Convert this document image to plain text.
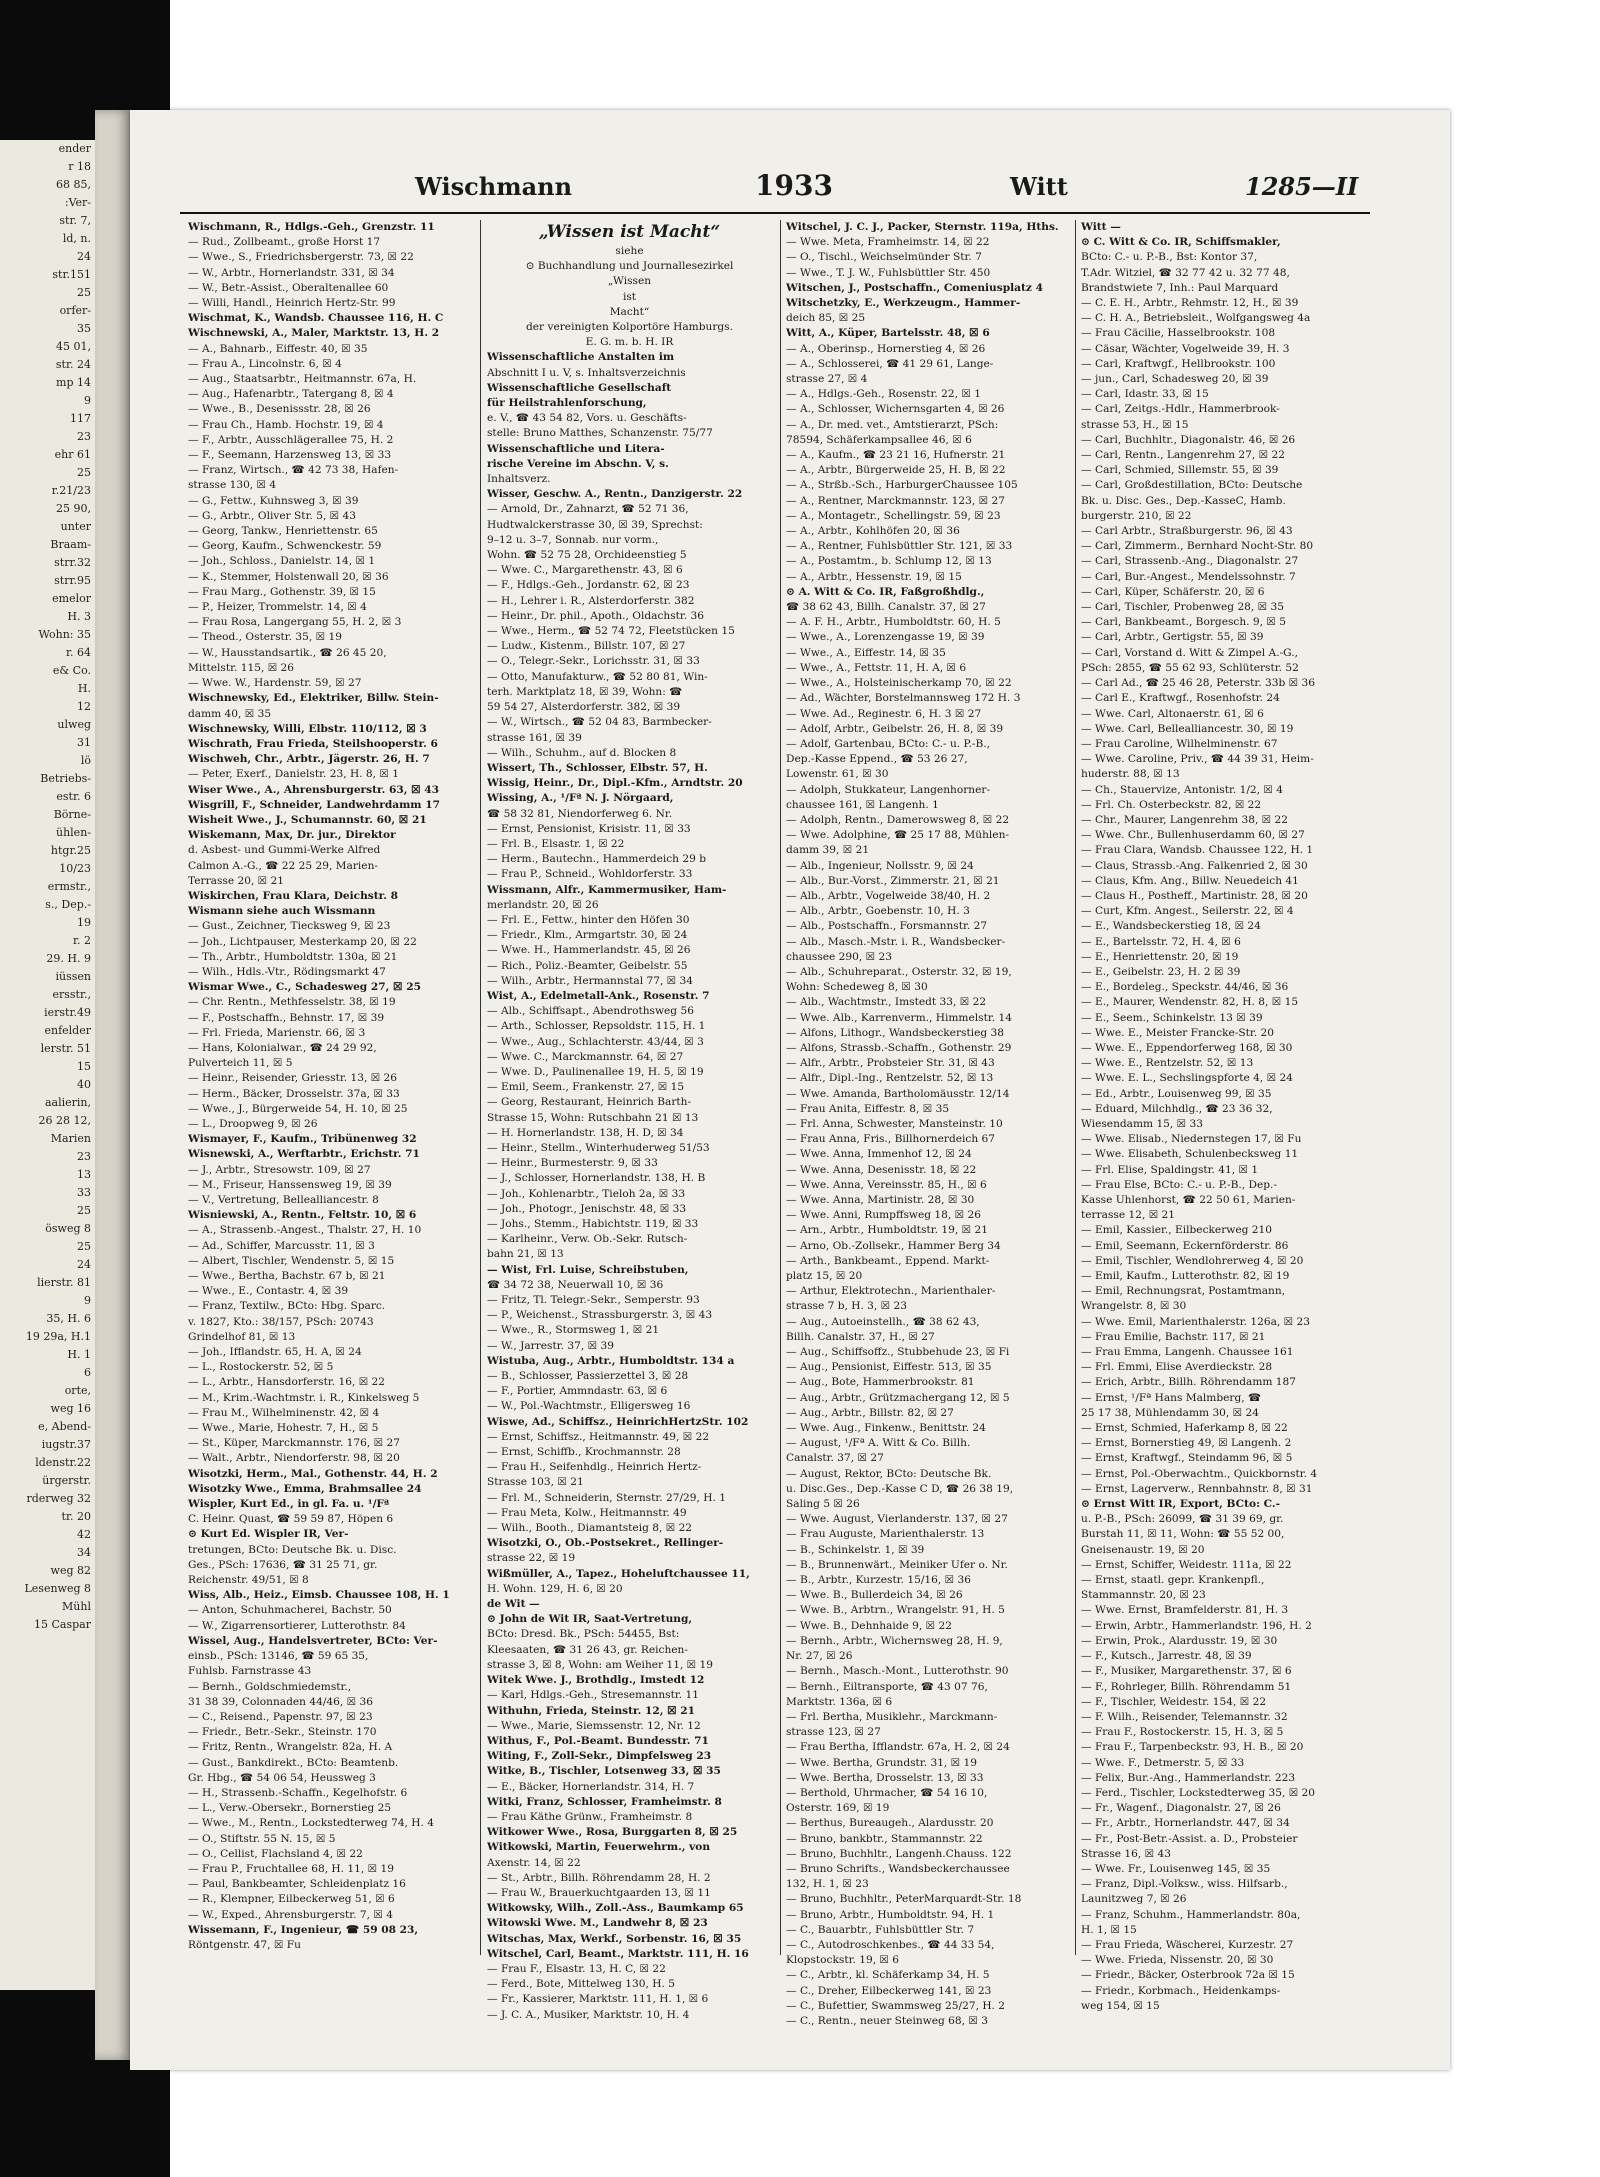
ender
r 18
68 85,
:Ver-
str. 7,
ld, n.
24
str.151
25
orfer-
35
45 01,
str. 24
mp 14
9
117
23
ehr 61
25
r.21/23
25 90,
unter
Braam-
strr.32
strr.95
emelor
H. 3
Wohn: 35
r. 64
e& Co.
H.
12
ulweg
31
lö
Betriebs-
estr. 6
Börne-
ühlen-
htgr.25
10/23
ermstr.,
s., Dep.-
19
r. 2
29. H. 9
iüssen
ersstr.,
ierstr.49
enfelder
lerstr. 51
15
40
aalierin,
26 28 12,
Marien
23
13
33
25
ösweg 8
25
24
lierstr. 81
9
35, H. 6
19 29a, H.1
H. 1
6
orte,
weg 16
e, Abend-
iugstr.37
ldenstr.22
ürgerstr.
rderweg 32
tr. 20
42
34
weg 82
Lesenweg 8
Mühl
15 Caspar
Wischmann	1933	Witt	1285—II
Wischmann, R., Hdlgs.-Geh., Grenzstr. 11
— Rud., Zollbeamt., große Horst 17
— Wwe., S., Friedrichsbergerstr. 73, ☒ 22
— W., Arbtr., Hornerlandstr. 331, ☒ 34
— W., Betr.-Assist., Oberaltenallee 60
— Willi, Handl., Heinrich Hertz-Str. 99
Wischmat, K., Wandsb. Chaussee 116, H. C
Wischnewski, A., Maler, Marktstr. 13, H. 2
— A., Bahnarb., Eiffestr. 40, ☒ 35
— Frau A., Lincolnstr. 6, ☒ 4
— Aug., Staatsarbtr., Heitmannstr. 67a, H.
— Aug., Hafenarbtr., Tatergang 8, ☒ 4
— Wwe., B., Desenissstr. 28, ☒ 26
— Frau Ch., Hamb. Hochstr. 19, ☒ 4
— F., Arbtr., Ausschlägerallee 75, H. 2
— F., Seemann, Harzensweg 13, ☒ 33
— Franz, Wirtsch., ☎ 42 73 38, Hafen-
strasse 130, ☒ 4
— G., Fettw., Kuhnsweg 3, ☒ 39
— G., Arbtr., Oliver Str. 5, ☒ 43
— Georg, Tankw., Henriettenstr. 65
— Georg, Kaufm., Schwenckestr. 59
— Joh., Schloss., Danielstr. 14, ☒ 1
— K., Stemmer, Holstenwall 20, ☒ 36
— Frau Marg., Gothenstr. 39, ☒ 15
— P., Heizer, Trommelstr. 14, ☒ 4
— Frau Rosa, Langergang 55, H. 2, ☒ 3
— Theod., Osterstr. 35, ☒ 19
— W., Hausstandsartik., ☎ 26 45 20,
Mittelstr. 115, ☒ 26
— Wwe. W., Hardenstr. 59, ☒ 27
Wischnewsky, Ed., Elektriker, Billw. Stein-
damm 40, ☒ 35
Wischnewsky, Willi, Elbstr. 110/112, ☒ 3
Wischrath, Frau Frieda, Steilshooperstr. 6
Wischweh, Chr., Arbtr., Jägerstr. 26, H. 7
— Peter, Exerf., Danielstr. 23, H. 8, ☒ 1
Wiser Wwe., A., Ahrensburgerstr. 63, ☒ 43
Wisgrill, F., Schneider, Landwehrdamm 17
Wisheit Wwe., J., Schumannstr. 60, ☒ 21
Wiskemann, Max, Dr. jur., Direktor
d. Asbest- und Gummi-Werke Alfred
Calmon A.-G., ☎ 22 25 29, Marien-
Terrasse 20, ☒ 21
Wiskirchen, Frau Klara, Deichstr. 8
Wismann siehe auch Wissmann
— Gust., Zeichner, Tiecksweg 9, ☒ 23
— Joh., Lichtpauser, Mesterkamp 20, ☒ 22
— Th., Arbtr., Humboldtstr. 130a, ☒ 21
— Wilh., Hdls.-Vtr., Rödingsmarkt 47
Wismar Wwe., C., Schadesweg 27, ☒ 25
— Chr. Rentn., Methfesselstr. 38, ☒ 19
— F., Postschaffn., Behnstr. 17, ☒ 39
— Frl. Frieda, Marienstr. 66, ☒ 3
— Hans, Kolonialwar., ☎ 24 29 92,
Pulverteich 11, ☒ 5
— Heinr., Reisender, Griesstr. 13, ☒ 26
— Herm., Bäcker, Drosselstr. 37a, ☒ 33
— Wwe., J., Bürgerweide 54, H. 10, ☒ 25
— L., Droopweg 9, ☒ 26
Wismayer, F., Kaufm., Tribünenweg 32
Wisnewski, A., Werftarbtr., Erichstr. 71
— J., Arbtr., Stresowstr. 109, ☒ 27
— M., Friseur, Hanssensweg 19, ☒ 39
— V., Vertretung, Bellealliancestr. 8
Wisniewski, A., Rentn., Feltstr. 10, ☒ 6
— A., Strassenb.-Angest., Thalstr. 27, H. 10
— Ad., Schiffer, Marcusstr. 11, ☒ 3
— Albert, Tischler, Wendenstr. 5, ☒ 15
— Wwe., Bertha, Bachstr. 67 b, ☒ 21
— Wwe., E., Contastr. 4, ☒ 39
— Franz, Textilw., BCto: Hbg. Sparc.
v. 1827, Kto.: 38/157, PSch: 20743
Grindelhof 81, ☒ 13
— Joh., Ifflandstr. 65, H. A, ☒ 24
— L., Rostockerstr. 52, ☒ 5
— L., Arbtr., Hansdorferstr. 16, ☒ 22
— M., Krim.-Wachtmstr. i. R., Kinkelsweg 5
— Frau M., Wilhelminenstr. 42, ☒ 4
— Wwe., Marie, Hohestr. 7, H., ☒ 5
— St., Küper, Marckmannstr. 176, ☒ 27
— Walt., Arbtr., Niendorferstr. 98, ☒ 20
Wisotzki, Herm., Mal., Gothenstr. 44, H. 2
Wisotzky Wwe., Emma, Brahmsallee 24
Wispler, Kurt Ed., in gl. Fa. u. ¹/Fª
C. Heinr. Quast, ☎ 59 59 87, Höpen 6
⊙ Kurt Ed. Wispler IR, Ver-
tretungen, BCto: Deutsche Bk. u. Disc.
Ges., PSch: 17636, ☎ 31 25 71, gr.
Reichenstr. 49/51, ☒ 8
Wiss, Alb., Heiz., Eimsb. Chaussee 108, H. 1
— Anton, Schuhmacherei, Bachstr. 50
— W., Zigarrensortierer, Lutterothstr. 84
Wissel, Aug., Handelsvertreter, BCto: Ver-
einsb., PSch: 13146, ☎ 59 65 35,
Fuhlsb. Farnstrasse 43
— Bernh., Goldschmiedemstr.,
31 38 39, Colonnaden 44/46, ☒ 36
— C., Reisend., Papenstr. 97, ☒ 23
— Friedr., Betr.-Sekr., Steinstr. 170
— Fritz, Rentn., Wrangelstr. 82a, H. A
— Gust., Bankdirekt., BCto: Beamtenb.
Gr. Hbg., ☎ 54 06 54, Heussweg 3
— H., Strassenb.-Schaffn., Kegelhofstr. 6
— L., Verw.-Obersekr., Bornerstieg 25
— Wwe., M., Rentn., Lockstedterweg 74, H. 4
— O., Stiftstr. 55 N. 15, ☒ 5
— O., Cellist, Flachsland 4, ☒ 22
— Frau P., Fruchtallee 68, H. 11, ☒ 19
— Paul, Bankbeamter, Schleidenplatz 16
— R., Klempner, Eilbeckerweg 51, ☒ 6
— W., Exped., Ahrensburgerstr. 7, ☒ 4
Wissemann, F., Ingenieur, ☎ 59 08 23,
Röntgenstr. 47, ☒ Fu
„Wissen ist Macht“
siehe
⊙ Buchhandlung und Journallesezirkel
„Wissen
ist
Macht“
der vereinigten Kolportöre Hamburgs.
E. G. m. b. H. IR
Wissenschaftliche Anstalten im
Abschnitt I u. V, s. Inhaltsverzeichnis
Wissenschaftliche Gesellschaft
für Heilstrahlenforschung,
e. V., ☎ 43 54 82, Vors. u. Geschäfts-
stelle: Bruno Matthes, Schanzenstr. 75/77
Wissenschaftliche und Litera-
rische Vereine im Abschn. V, s.
Inhaltsverz.
Wisser, Geschw. A., Rentn., Danzigerstr. 22
— Arnold, Dr., Zahnarzt, ☎ 52 71 36,
Hudtwalckerstrasse 30, ☒ 39, Sprechst:
9–12 u. 3–7, Sonnab. nur vorm.,
Wohn. ☎ 52 75 28, Orchideenstieg 5
— Wwe. C., Margarethenstr. 43, ☒ 6
— F., Hdlgs.-Geh., Jordanstr. 62, ☒ 23
— H., Lehrer i. R., Alsterdorferstr. 382
— Heinr., Dr. phil., Apoth., Oldachstr. 36
— Wwe., Herm., ☎ 52 74 72, Fleetstücken 15
— Ludw., Kistenm., Billstr. 107, ☒ 27
— O., Telegr.-Sekr., Lorichsstr. 31, ☒ 33
— Otto, Manufakturw., ☎ 52 80 81, Win-
terh. Marktplatz 18, ☒ 39, Wohn: ☎
59 54 27, Alsterdorferstr. 382, ☒ 39
— W., Wirtsch., ☎ 52 04 83, Barmbecker-
strasse 161, ☒ 39
— Wilh., Schuhm., auf d. Blocken 8
Wissert, Th., Schlosser, Elbstr. 57, H.
Wissig, Heinr., Dr., Dipl.-Kfm., Arndtstr. 20
Wissing, A., ¹/Fª N. J. Nörgaard,
☎ 58 32 81, Niendorferweg 6. Nr.
— Ernst, Pensionist, Krisistr. 11, ☒ 33
— Frl. B., Elsastr. 1, ☒ 22
— Herm., Bautechn., Hammerdeich 29 b
— Frau P., Schneid., Wohldorferstr. 33
Wissmann, Alfr., Kammermusiker, Ham-
merlandstr. 20, ☒ 26
— Frl. E., Fettw., hinter den Höfen 30
— Friedr., Klm., Armgartstr. 30, ☒ 24
— Wwe. H., Hammerlandstr. 45, ☒ 26
— Rich., Poliz.-Beamter, Geibelstr. 55
— Wilh., Arbtr., Hermannstal 77, ☒ 34
Wist, A., Edelmetall-Ank., Rosenstr. 7
— Alb., Schiffsapt., Abendrothsweg 56
— Arth., Schlosser, Repsoldstr. 115, H. 1
— Wwe., Aug., Schlachterstr. 43/44, ☒ 3
— Wwe. C., Marckmannstr. 64, ☒ 27
— Wwe. D., Paulinenallee 19, H. 5, ☒ 19
— Emil, Seem., Frankenstr. 27, ☒ 15
— Georg, Restaurant, Heinrich Barth-
Strasse 15, Wohn: Rutschbahn 21 ☒ 13
— H. Hornerlandstr. 138, H. D, ☒ 34
— Heinr., Stellm., Winterhuderweg 51/53
— Heinr., Burmesterstr. 9, ☒ 33
— J., Schlosser, Hornerlandstr. 138, H. B
— Joh., Kohlenarbtr., Tieloh 2a, ☒ 33
— Joh., Photogr., Jenischstr. 48, ☒ 33
— Johs., Stemm., Habichtstr. 119, ☒ 33
— Karlheinr., Verw. Ob.-Sekr. Rutsch-
bahn 21, ☒ 13
— Wist, Frl. Luise, Schreibstuben,
☎ 34 72 38, Neuerwall 10, ☒ 36
— Fritz, Tl. Telegr.-Sekr., Semperstr. 93
— P., Weichenst., Strassburgerstr. 3, ☒ 43
— Wwe., R., Stormsweg 1, ☒ 21
— W., Jarrestr. 37, ☒ 39
Wistuba, Aug., Arbtr., Humboldtstr. 134 a
— B., Schlosser, Passierzettel 3, ☒ 28
— F., Portier, Ammndastr. 63, ☒ 6
— W., Pol.-Wachtmstr., Elligersweg 16
Wiswe, Ad., Schiffsz., HeinrichHertzStr. 102
— Ernst, Schiffsz., Heitmannstr. 49, ☒ 22
— Ernst, Schiffb., Krochmannstr. 28
— Frau H., Seifenhdlg., Heinrich Hertz-
Strasse 103, ☒ 21
— Frl. M., Schneiderin, Sternstr. 27/29, H. 1
— Frau Meta, Kolw., Heitmannstr. 49
— Wilh., Booth., Diamantsteig 8, ☒ 22
Wisotzki, O., Ob.-Postsekret., Rellinger-
strasse 22, ☒ 19
Wißmüller, A., Tapez., Hoheluftchaussee 11,
H. Wohn. 129, H. 6, ☒ 20
de Wit —
⊙ John de Wit IR, Saat-Vertretung,
BCto: Dresd. Bk., PSch: 54455, Bst:
Kleesaaten, ☎ 31 26 43, gr. Reichen-
strasse 3, ☒ 8, Wohn: am Weiher 11, ☒ 19
Witek Wwe. J., Brothdlg., Imstedt 12
— Karl, Hdlgs.-Geh., Stresemannstr. 11
Withuhn, Frieda, Steinstr. 12, ☒ 21
— Wwe., Marie, Siemssenstr. 12, Nr. 12
Withus, F., Pol.-Beamt. Bundesstr. 71
Witing, F., Zoll-Sekr., Dimpfelsweg 23
Witke, B., Tischler, Lotsenweg 33, ☒ 35
— E., Bäcker, Hornerlandstr. 314, H. 7
Witki, Franz, Schlosser, Framheimstr. 8
— Frau Käthe Grünw., Framheimstr. 8
Witkower Wwe., Rosa, Burggarten 8, ☒ 25
Witkowski, Martin, Feuerwehrm., von
Axenstr. 14, ☒ 22
— St., Arbtr., Billh. Röhrendamm 28, H. 2
— Frau W., Brauerkuchtgaarden 13, ☒ 11
Witkowsky, Wilh., Zoll.-Ass., Baumkamp 65
Witowski Wwe. M., Landwehr 8, ☒ 23
Witschas, Max, Werkf., Sorbenstr. 16, ☒ 35
Witschel, Carl, Beamt., Marktstr. 111, H. 16
— Frau F., Elsastr. 13, H. C, ☒ 22
— Ferd., Bote, Mittelweg 130, H. 5
— Fr., Kassierer, Marktstr. 111, H. 1, ☒ 6
— J. C. A., Musiker, Marktstr. 10, H. 4
Witschel, J. C. J., Packer, Sternstr. 119a, Hths.
— Wwe. Meta, Framheimstr. 14, ☒ 22
— O., Tischl., Weichselmünder Str. 7
— Wwe., T. J. W., Fuhlsbüttler Str. 450
Witschen, J., Postschaffn., Comeniusplatz 4
Witschetzky, E., Werkzeugm., Hammer-
deich 85, ☒ 25
Witt, A., Küper, Bartelsstr. 48, ☒ 6
— A., Oberinsp., Hornerstieg 4, ☒ 26
— A., Schlosserei, ☎ 41 29 61, Lange-
strasse 27, ☒ 4
— A., Hdlgs.-Geh., Rosenstr. 22, ☒ 1
— A., Schlosser, Wichernsgarten 4, ☒ 26
— A., Dr. med. vet., Amtstierarzt, PSch:
78594, Schäferkampsallee 46, ☒ 6
— A., Kaufm., ☎ 23 21 16, Hufnerstr. 21
— A., Arbtr., Bürgerweide 25, H. B, ☒ 22
— A., Strßb.-Sch., HarburgerChaussee 105
— A., Rentner, Marckmannstr. 123, ☒ 27
— A., Montagetr., Schellingstr. 59, ☒ 23
— A., Arbtr., Kohlhöfen 20, ☒ 36
— A., Rentner, Fuhlsbüttler Str. 121, ☒ 33
— A., Postamtm., b. Schlump 12, ☒ 13
— A., Arbtr., Hessenstr. 19, ☒ 15
⊙ A. Witt & Co. IR, Faßgroßhdlg.,
☎ 38 62 43, Billh. Canalstr. 37, ☒ 27
— A. F. H., Arbtr., Humboldtstr. 60, H. 5
— Wwe., A., Lorenzengasse 19, ☒ 39
— Wwe., A., Eiffestr. 14, ☒ 35
— Wwe., A., Fettstr. 11, H. A, ☒ 6
— Wwe., A., Holsteinischerkamp 70, ☒ 22
— Ad., Wächter, Borstelmannsweg 172 H. 3
— Wwe. Ad., Reginestr. 6, H. 3 ☒ 27
— Adolf, Arbtr., Geibelstr. 26, H. 8, ☒ 39
— Adolf, Gartenbau, BCto: C.- u. P.-B.,
Dep.-Kasse Eppend., ☎ 53 26 27,
Lowenstr. 61, ☒ 30
— Adolph, Stukkateur, Langenhorner-
chaussee 161, ☒ Langenh. 1
— Adolph, Rentn., Damerowsweg 8, ☒ 22
— Wwe. Adolphine, ☎ 25 17 88, Mühlen-
damm 39, ☒ 21
— Alb., Ingenieur, Nollsstr. 9, ☒ 24
— Alb., Bur.-Vorst., Zimmerstr. 21, ☒ 21
— Alb., Arbtr., Vogelweide 38/40, H. 2
— Alb., Arbtr., Goebenstr. 10, H. 3
— Alb., Postschaffn., Forsmannstr. 27
— Alb., Masch.-Mstr. i. R., Wandsbecker-
chaussee 290, ☒ 23
— Alb., Schuhreparat., Osterstr. 32, ☒ 19,
Wohn: Schedeweg 8, ☒ 30
— Alb., Wachtmstr., Imstedt 33, ☒ 22
— Wwe. Alb., Karrenverm., Himmelstr. 14
— Alfons, Lithogr., Wandsbeckerstieg 38
— Alfons, Strassb.-Schaffn., Gothenstr. 29
— Alfr., Arbtr., Probsteier Str. 31, ☒ 43
— Alfr., Dipl.-Ing., Rentzelstr. 52, ☒ 13
— Wwe. Amanda, Bartholomäusstr. 12/14
— Frau Anita, Eiffestr. 8, ☒ 35
— Frl. Anna, Schwester, Mansteinstr. 10
— Frau Anna, Fris., Billhornerdeich 67
— Wwe. Anna, Immenhof 12, ☒ 24
— Wwe. Anna, Desenisstr. 18, ☒ 22
— Wwe. Anna, Vereinsstr. 85, H., ☒ 6
— Wwe. Anna, Martinistr. 28, ☒ 30
— Wwe. Anni, Rumpffsweg 18, ☒ 26
— Arn., Arbtr., Humboldtstr. 19, ☒ 21
— Arno, Ob.-Zollsekr., Hammer Berg 34
— Arth., Bankbeamt., Eppend. Markt-
platz 15, ☒ 20
— Arthur, Elektrotechn., Marienthaler-
strasse 7 b, H. 3, ☒ 23
— Aug., Autoeinstellh., ☎ 38 62 43,
Billh. Canalstr. 37, H., ☒ 27
— Aug., Schiffsoffz., Stubbehude 23, ☒ Fi
— Aug., Pensionist, Eiffestr. 513, ☒ 35
— Aug., Bote, Hammerbrookstr. 81
— Aug., Arbtr., Grützmachergang 12, ☒ 5
— Aug., Arbtr., Billstr. 82, ☒ 27
— Wwe. Aug., Finkenw., Benittstr. 24
— August, ¹/Fª A. Witt & Co. Billh.
Canalstr. 37, ☒ 27
— August, Rektor, BCto: Deutsche Bk.
u. Disc.Ges., Dep.-Kasse C D, ☎ 26 38 19,
Saling 5 ☒ 26
— Wwe. August, Vierlanderstr. 137, ☒ 27
— Frau Auguste, Marienthalerstr. 13
— B., Schinkelstr. 1, ☒ 39
— B., Brunnenwärt., Meiniker Ufer o. Nr.
— B., Arbtr., Kurzestr. 15/16, ☒ 36
— Wwe. B., Bullerdeich 34, ☒ 26
— Wwe. B., Arbtrn., Wrangelstr. 91, H. 5
— Wwe. B., Dehnhaide 9, ☒ 22
— Bernh., Arbtr., Wichernsweg 28, H. 9,
Nr. 27, ☒ 26
— Bernh., Masch.-Mont., Lutterothstr. 90
— Bernh., Eiltransporte, ☎ 43 07 76,
Marktstr. 136a, ☒ 6
— Frl. Bertha, Musiklehr., Marckmann-
strasse 123, ☒ 27
— Frau Bertha, Ifflandstr. 67a, H. 2, ☒ 24
— Wwe. Bertha, Grundstr. 31, ☒ 19
— Wwe. Bertha, Drosselstr. 13, ☒ 33
— Berthold, Uhrmacher, ☎ 54 16 10,
Osterstr. 169, ☒ 19
— Berthus, Bureaugeh., Alardusstr. 20
— Bruno, bankbtr., Stammannstr. 22
— Bruno, Buchhltr., Langenh.Chauss. 122
— Bruno Schrifts., Wandsbeckerchaussee
132, H. 1, ☒ 23
— Bruno, Buchhltr., PeterMarquardt-Str. 18
— Bruno, Arbtr., Humboldtstr. 94, H. 1
— C., Bauarbtr., Fuhlsbüttler Str. 7
— C., Autodroschkenbes., ☎ 44 33 54,
Klopstockstr. 19, ☒ 6
— C., Arbtr., kl. Schäferkamp 34, H. 5
— C., Dreher, Eilbeckerweg 141, ☒ 23
— C., Bufettier, Swammsweg 25/27, H. 2
— C., Rentn., neuer Steinweg 68, ☒ 3
Witt —
⊙ C. Witt & Co. IR, Schiffsmakler,
BCto: C.- u. P.-B., Bst: Kontor 37,
T.Adr. Witziel, ☎ 32 77 42 u. 32 77 48,
Brandstwiete 7, Inh.: Paul Marquard
— C. E. H., Arbtr., Rehmstr. 12, H., ☒ 39
— C. H. A., Betriebsleit., Wolfgangsweg 4a
— Frau Cäcilie, Hasselbrookstr. 108
— Cäsar, Wächter, Vogelweide 39, H. 3
— Carl, Kraftwgf., Hellbrookstr. 100
— jun., Carl, Schadesweg 20, ☒ 39
— Carl, Idastr. 33, ☒ 15
— Carl, Zeitgs.-Hdlr., Hammerbrook-
strasse 53, H., ☒ 15
— Carl, Buchhltr., Diagonalstr. 46, ☒ 26
— Carl, Rentn., Langenrehm 27, ☒ 22
— Carl, Schmied, Sillemstr. 55, ☒ 39
— Carl, Großdestillation, BCto: Deutsche
Bk. u. Disc. Ges., Dep.-KasseC, Hamb.
burgerstr. 210, ☒ 22
— Carl Arbtr., Straßburgerstr. 96, ☒ 43
— Carl, Zimmerm., Bernhard Nocht-Str. 80
— Carl, Strassenb.-Ang., Diagonalstr. 27
— Carl, Bur.-Angest., Mendelssohnstr. 7
— Carl, Küper, Schäferstr. 20, ☒ 6
— Carl, Tischler, Probenweg 28, ☒ 35
— Carl, Bankbeamt., Borgesch. 9, ☒ 5
— Carl, Arbtr., Gertigstr. 55, ☒ 39
— Carl, Vorstand d. Witt & Zimpel A.-G.,
PSch: 2855, ☎ 55 62 93, Schlüterstr. 52
— Carl Ad., ☎ 25 46 28, Peterstr. 33b ☒ 36
— Carl E., Kraftwgf., Rosenhofstr. 24
— Wwe. Carl, Altonaerstr. 61, ☒ 6
— Wwe. Carl, Bellealliancestr. 30, ☒ 19
— Frau Caroline, Wilhelminenstr. 67
— Wwe. Caroline, Priv., ☎ 44 39 31, Heim-
huderstr. 88, ☒ 13
— Ch., Stauervize, Antonistr. 1/2, ☒ 4
— Frl. Ch. Osterbeckstr. 82, ☒ 22
— Chr., Maurer, Langenrehm 38, ☒ 22
— Wwe. Chr., Bullenhuserdamm 60, ☒ 27
— Frau Clara, Wandsb. Chaussee 122, H. 1
— Claus, Strassb.-Ang. Falkenried 2, ☒ 30
— Claus, Kfm. Ang., Billw. Neuedeich 41
— Claus H., Postheff., Martinistr. 28, ☒ 20
— Curt, Kfm. Angest., Seilerstr. 22, ☒ 4
— E., Wandsbeckerstieg 18, ☒ 24
— E., Bartelsstr. 72, H. 4, ☒ 6
— E., Henriettenstr. 20, ☒ 19
— E., Geibelstr. 23, H. 2 ☒ 39
— E., Bordeleg., Speckstr. 44/46, ☒ 36
— E., Maurer, Wendenstr. 82, H. 8, ☒ 15
— E., Seem., Schinkelstr. 13 ☒ 39
— Wwe. E., Meister Francke-Str. 20
— Wwe. E., Eppendorferweg 168, ☒ 30
— Wwe. E., Rentzelstr. 52, ☒ 13
— Wwe. E. L., Sechslingspforte 4, ☒ 24
— Ed., Arbtr., Louisenweg 99, ☒ 35
— Eduard, Milchhdlg., ☎ 23 36 32,
Wiesendamm 15, ☒ 33
— Wwe. Elisab., Niedernstegen 17, ☒ Fu
— Wwe. Elisabeth, Schulenbecksweg 11
— Frl. Elise, Spaldingstr. 41, ☒ 1
— Frau Else, BCto: C.- u. P.-B., Dep.-
Kasse Uhlenhorst, ☎ 22 50 61, Marien-
terrasse 12, ☒ 21
— Emil, Kassier., Eilbeckerweg 210
— Emil, Seemann, Eckernförderstr. 86
— Emil, Tischler, Wendlohrerweg 4, ☒ 20
— Emil, Kaufm., Lutterothstr. 82, ☒ 19
— Emil, Rechnungsrat, Postamtmann,
Wrangelstr. 8, ☒ 30
— Wwe. Emil, Marienthalerstr. 126a, ☒ 23
— Frau Emilie, Bachstr. 117, ☒ 21
— Frau Emma, Langenh. Chaussee 161
— Frl. Emmi, Elise Averdieckstr. 28
— Erich, Arbtr., Billh. Röhrendamm 187
— Ernst, ¹/Fª Hans Malmberg, ☎
25 17 38, Mühlendamm 30, ☒ 24
— Ernst, Schmied, Haferkamp 8, ☒ 22
— Ernst, Bornerstieg 49, ☒ Langenh. 2
— Ernst, Kraftwgf., Steindamm 96, ☒ 5
— Ernst, Pol.-Oberwachtm., Quickbornstr. 4
— Ernst, Lagerverw., Rennbahnstr. 8, ☒ 31
⊙ Ernst Witt IR, Export, BCto: C.-
u. P.-B., PSch: 26099, ☎ 31 39 69, gr.
Burstah 11, ☒ 11, Wohn: ☎ 55 52 00,
Gneisenaustr. 19, ☒ 20
— Ernst, Schiffer, Weidestr. 111a, ☒ 22
— Ernst, staatl. gepr. Krankenpfl.,
Stammannstr. 20, ☒ 23
— Wwe. Ernst, Bramfelderstr. 81, H. 3
— Erwin, Arbtr., Hammerlandstr. 196, H. 2
— Erwin, Prok., Alardusstr. 19, ☒ 30
— F., Kutsch., Jarrestr. 48, ☒ 39
— F., Musiker, Margarethenstr. 37, ☒ 6
— F., Rohrleger, Billh. Röhrendamm 51
— F., Tischler, Weidestr. 154, ☒ 22
— F. Wilh., Reisender, Telemannstr. 32
— Frau F., Rostockerstr. 15, H. 3, ☒ 5
— Frau F., Tarpenbeckstr. 93, H. B., ☒ 20
— Wwe. F., Detmerstr. 5, ☒ 33
— Felix, Bur.-Ang., Hammerlandstr. 223
— Ferd., Tischler, Lockstedterweg 35, ☒ 20
— Fr., Wagenf., Diagonalstr. 27, ☒ 26
— Fr., Arbtr., Hornerlandstr. 447, ☒ 34
— Fr., Post-Betr.-Assist. a. D., Probsteier
Strasse 16, ☒ 43
— Wwe. Fr., Louisenweg 145, ☒ 35
— Franz, Dipl.-Volksw., wiss. Hilfsarb.,
Launitzweg 7, ☒ 26
— Franz, Schuhm., Hammerlandstr. 80a,
H. 1, ☒ 15
— Frau Frieda, Wäscherei, Kurzestr. 27
— Wwe. Frieda, Nissenstr. 20, ☒ 30
— Friedr., Bäcker, Osterbrook 72a ☒ 15
— Friedr., Korbmach., Heidenkamps-
weg 154, ☒ 15
